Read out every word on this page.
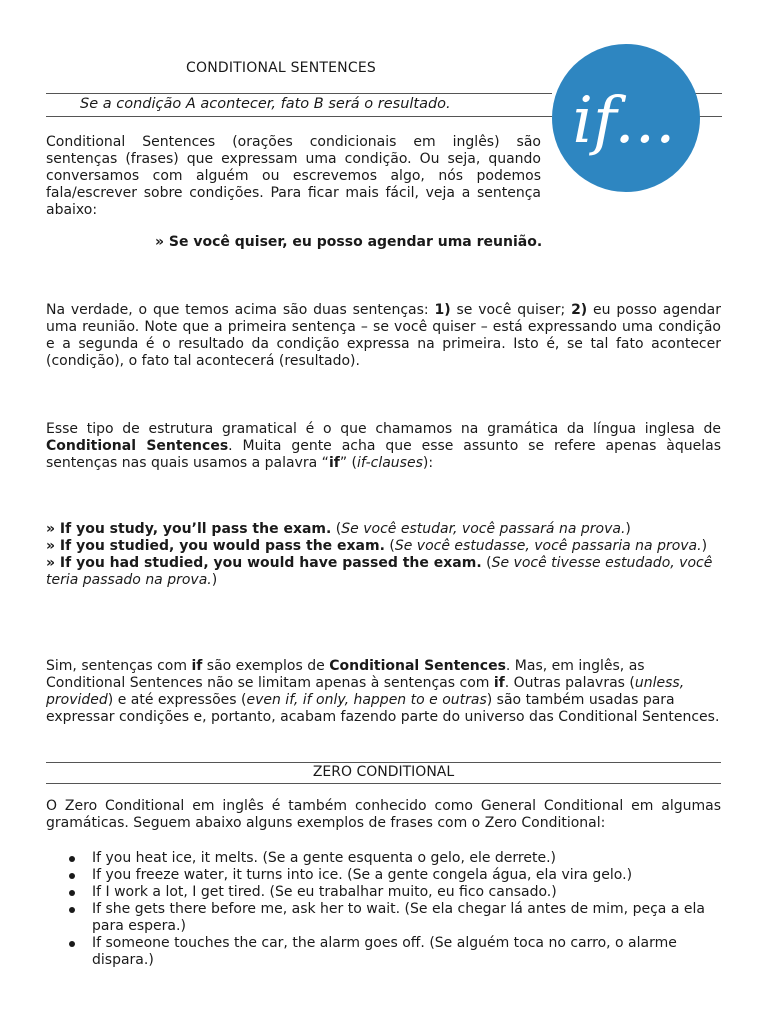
CONDITIONAL SENTENCES
Se a condição A acontecer, fato B será o resultado. if...

Conditional Sentences (orações condicionais em inglês) são sentenças (frases) que expressam uma condição. Ou seja, quando conversamos com alguém ou escrevemos algo, nós podemos fala/escrever sobre condições. Para ficar mais fácil, veja a sentença abaixo:

» Se você quiser, eu posso agendar uma reunião.

Na verdade, o que temos acima são duas sentenças: 1) se você quiser; 2) eu posso agendar uma reunião. Note que a primeira sentença – se você quiser – está expressando uma condição e a segunda é o resultado da condição expressa na primeira. Isto é, se tal fato acontecer (condição), o fato tal acontecerá (resultado).

Esse tipo de estrutura gramatical é o que chamamos na gramática da língua inglesa de Conditional Sentences. Muita gente acha que esse assunto se refere apenas àquelas sentenças nas quais usamos a palavra “if” (if-clauses):

» If you study, you’ll pass the exam. (Se você estudar, você passará na prova.)

» If you studied, you would pass the exam. (Se você estudasse, você passaria na prova.)

» If you had studied, you would have passed the exam. (Se você tivesse estudado, você teria passado na prova.)

Sim, sentenças com if são exemplos de Conditional Sentences. Mas, em inglês, as Conditional Sentences não se limitam apenas à sentenças com if. Outras palavras (unless, provided) e até expressões (even if, if only, happen to e outras) são também usadas para expressar condições e, portanto, acabam fazendo parte do universo das Conditional Sentences.

ZERO CONDITIONAL

O Zero Conditional em inglês é também conhecido como General Conditional em algumas gramáticas. Seguem abaixo alguns exemplos de frases com o Zero Conditional:

If you heat ice, it melts. (Se a gente esquenta o gelo, ele derrete.)
If you freeze water, it turns into ice. (Se a gente congela água, ela vira gelo.)
If I work a lot, I get tired. (Se eu trabalhar muito, eu fico cansado.)
If she gets there before me, ask her to wait. (Se ela chegar lá antes de mim, peça a ela para espera.)
If someone touches the car, the alarm goes off. (Se alguém toca no carro, o alarme dispara.)
